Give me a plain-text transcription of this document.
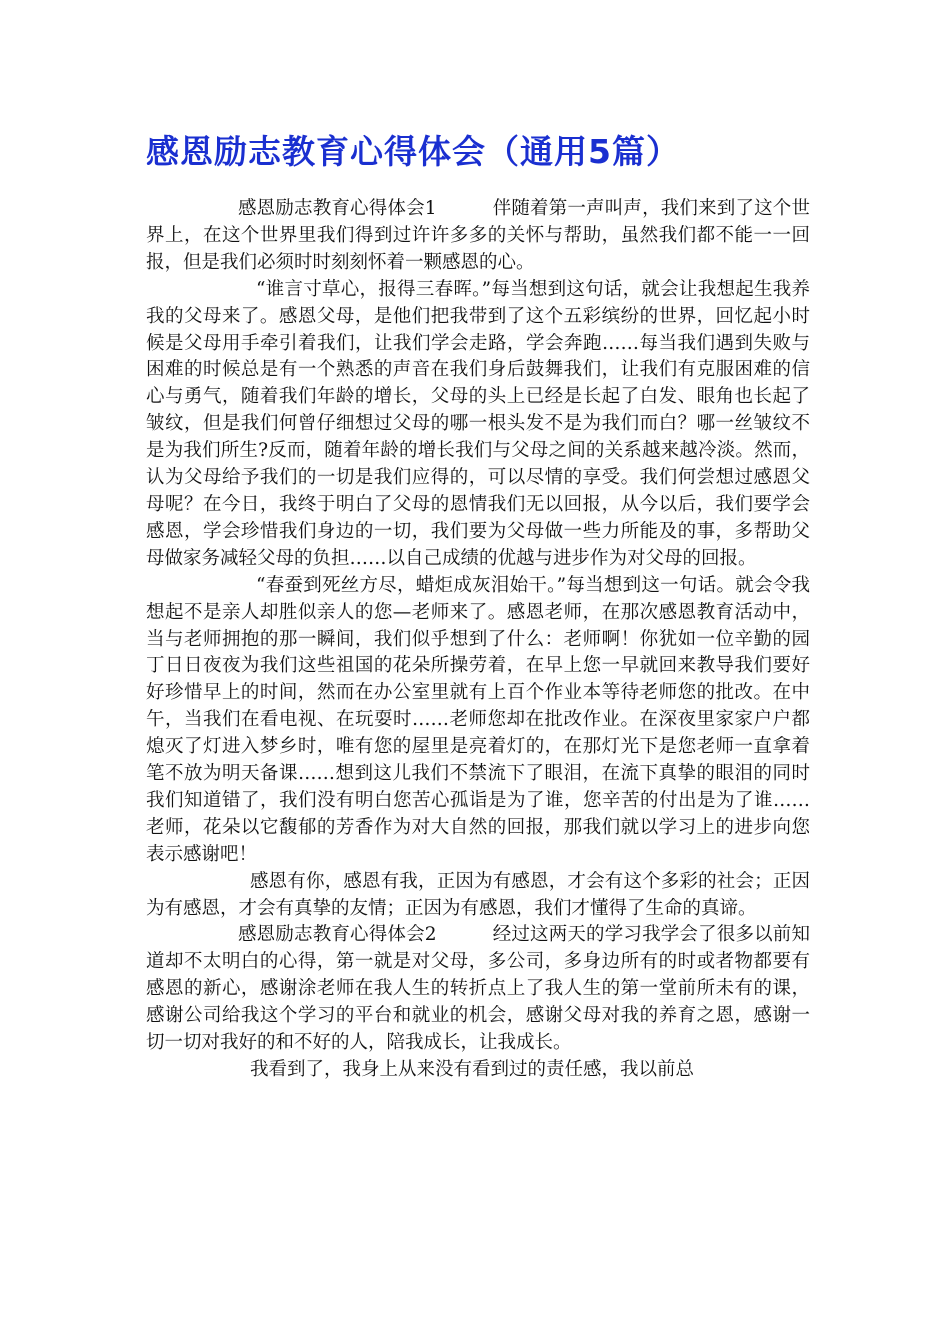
感恩励志教育心得体会（通用5篇）

感恩励志教育心得体会1	伴随着第一声叫声，我们来到了这个世界上，在这个世界里我们得到过许许多多的关怀与帮助，虽然我们都不能一一回报，但是我们必须时时刻刻怀着一颗感恩的心。

“谁言寸草心，报得三春晖。”每当想到这句话，就会让我想起生我养我的父母来了。感恩父母，是他们把我带到了这个五彩缤纷的世界，回忆起小时候是父母用手牵引着我们，让我们学会走路，学会奔跑……每当我们遇到失败与困难的时候总是有一个熟悉的声音在我们身后鼓舞我们，让我们有克服困难的信心与勇气，随着我们年龄的增长，父母的头上已经是长起了白发、眼角也长起了皱纹，但是我们何曾仔细想过父母的哪一根头发不是为我们而白？哪一丝皱纹不是为我们所生?反而，随着年龄的增长我们与父母之间的关系越来越冷淡。然而，认为父母给予我们的一切是我们应得的，可以尽情的享受。我们何尝想过感恩父母呢？在今日，我终于明白了父母的恩情我们无以回报，从今以后，我们要学会感恩，学会珍惜我们身边的一切，我们要为父母做一些力所能及的事，多帮助父母做家务减轻父母的负担……以自己成绩的优越与进步作为对父母的回报。

“春蚕到死丝方尽，蜡炬成灰泪始干。”每当想到这一句话。就会令我想起不是亲人却胜似亲人的您—老师来了。感恩老师，在那次感恩教育活动中，当与老师拥抱的那一瞬间，我们似乎想到了什么：老师啊！你犹如一位辛勤的园丁日日夜夜为我们这些祖国的花朵所操劳着，在早上您一早就回来教导我们要好好珍惜早上的时间，然而在办公室里就有上百个作业本等待老师您的批改。在中午，当我们在看电视、在玩耍时……老师您却在批改作业。在深夜里家家户户都熄灭了灯进入梦乡时，唯有您的屋里是亮着灯的，在那灯光下是您老师一直拿着笔不放为明天备课……想到这儿我们不禁流下了眼泪，在流下真挚的眼泪的同时我们知道错了，我们没有明白您苦心孤诣是为了谁，您辛苦的付出是为了谁……老师，花朵以它馥郁的芳香作为对大自然的回报，那我们就以学习上的进步向您表示感谢吧！

感恩有你，感恩有我，正因为有感恩，才会有这个多彩的社会；正因为有感恩，才会有真挚的友情；正因为有感恩，我们才懂得了生命的真谛。

感恩励志教育心得体会2	经过这两天的学习我学会了很多以前知道却不太明白的心得，第一就是对父母，多公司，多身边所有的时或者物都要有感恩的新心，感谢涂老师在我人生的转折点上了我人生的第一堂前所未有的课，感谢公司给我这个学习的平台和就业的机会，感谢父母对我的养育之恩，感谢一切一切对我好的和不好的人，陪我成长，让我成长。

我看到了，我身上从来没有看到过的责任感，我以前总
